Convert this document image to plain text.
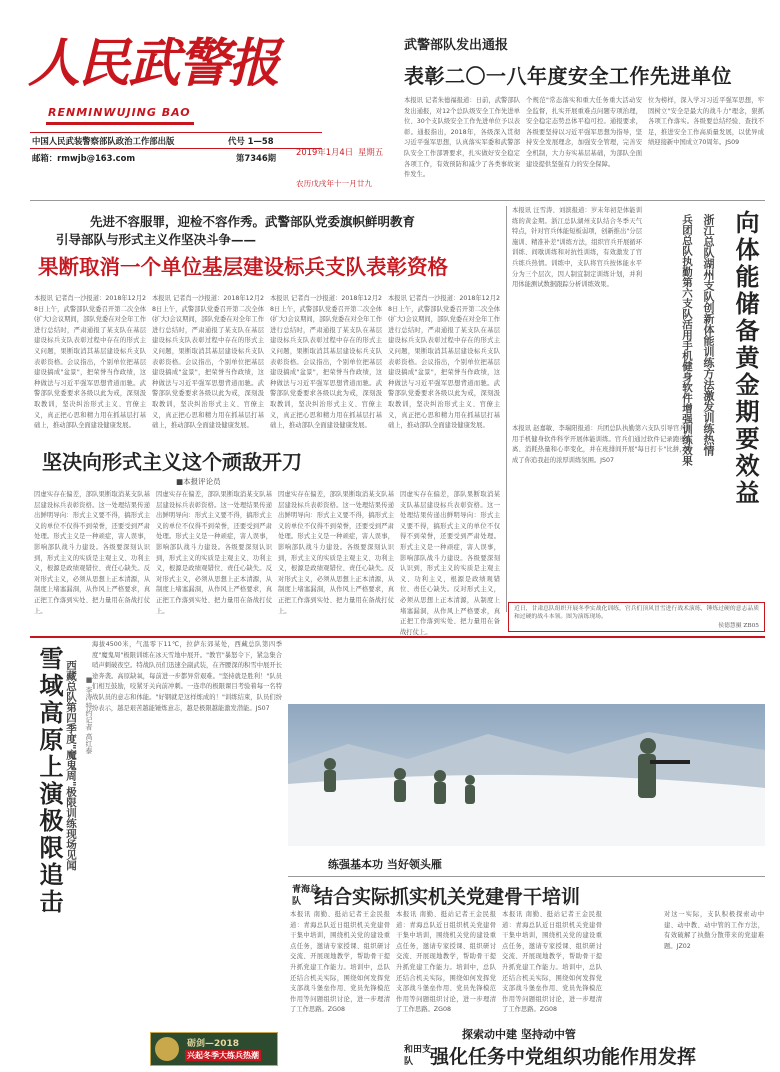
人民武警报
RENMINWUJING BAO
中国人民武装警察部队政治工作部出版	代号 1—58
邮箱：rmwjb@163.com	第7346期
2019年1月4日 星期五
农历戊戌年十一月廿九
武警部队发出通报
表彰二〇一八年度安全工作先进单位
本报讯 记者朱德福报道：日前，武警部队发出通报，对12个总队级安全工作先进单位、30个支队级安全工作先进单位予以表彰。通报指出，2018年，各级深入贯彻习近平强军思想，认真落实军委和武警部队安全工作部署要求，扎实做好安全稳定各项工作，有效预防和减少了各类事故案件发生。
个规范"常态落实和重大任务重大活动安全监督，扎实开展重难点问题专项治理，安全稳定态势总体平稳可控。通报要求，各级要坚持以习近平强军思想为指导，坚持安全发展理念，加强安全管理，完善安全机制，大力夯实基层基础，为部队全面建设提供坚强有力的安全保障。
位为榜样，深入学习习近平强军思想，牢固树立"安全是最大的战斗力"理念，狠抓各项工作落实。各级要总结经验、查找不足，推进安全工作高质量发展，以优异成绩迎接新中国成立70周年。JS09
先进不容服罪，迎检不容作秀。武警部队党委旗帜鲜明教育
引导部队与形式主义作坚决斗争——
果断取消一个单位基层建设标兵支队表彰资格
本报讯 记者肖一沙报道：2018年12月28日上午，武警部队党委召开第二次全体(扩大)会议期间，部队党委在对全年工作进行总结时，严肃通报了某支队在基层建设标兵支队表彰过程中存在的形式主义问题，果断取消其基层建设标兵支队表彰资格。会议指出，个别单位把基层建设搞成"盆景"，把荣誉当作政绩，这种做法与习近平强军思想背道而驰。武警部队党委要求各级以此为戒，深刻汲取教训，坚决纠治形式主义、官僚主义，真正把心思和精力用在抓基层打基础上，推动部队全面建设健康发展。
本报讯 记者肖一沙报道：2018年12月28日上午，武警部队党委召开第二次全体(扩大)会议期间，部队党委在对全年工作进行总结时，严肃通报了某支队在基层建设标兵支队表彰过程中存在的形式主义问题，果断取消其基层建设标兵支队表彰资格。会议指出，个别单位把基层建设搞成"盆景"，把荣誉当作政绩，这种做法与习近平强军思想背道而驰。武警部队党委要求各级以此为戒，深刻汲取教训，坚决纠治形式主义、官僚主义，真正把心思和精力用在抓基层打基础上，推动部队全面建设健康发展。
本报讯 记者肖一沙报道：2018年12月28日上午，武警部队党委召开第二次全体(扩大)会议期间，部队党委在对全年工作进行总结时，严肃通报了某支队在基层建设标兵支队表彰过程中存在的形式主义问题，果断取消其基层建设标兵支队表彰资格。会议指出，个别单位把基层建设搞成"盆景"，把荣誉当作政绩，这种做法与习近平强军思想背道而驰。武警部队党委要求各级以此为戒，深刻汲取教训，坚决纠治形式主义、官僚主义，真正把心思和精力用在抓基层打基础上，推动部队全面建设健康发展。
本报讯 记者肖一沙报道：2018年12月28日上午，武警部队党委召开第二次全体(扩大)会议期间，部队党委在对全年工作进行总结时，严肃通报了某支队在基层建设标兵支队表彰过程中存在的形式主义问题，果断取消其基层建设标兵支队表彰资格。会议指出，个别单位把基层建设搞成"盆景"，把荣誉当作政绩，这种做法与习近平强军思想背道而驰。武警部队党委要求各级以此为戒，深刻汲取教训，坚决纠治形式主义、官僚主义，真正把心思和精力用在抓基层打基础上，推动部队全面建设健康发展。
坚决向形式主义这个顽敌开刀
■本报评论员
因虚实存在偏差，部队果断取消某支队基层建设标兵表彰资格。这一处理结果传递出鲜明导向：形式主义要不得，搞形式主义的单位不仅得不到荣誉，还要受到严肃处理。形式主义是一种顽症，害人误事，影响部队战斗力建设。各级要深刻认识到，形式主义的实质是主观主义、功利主义，根源是政绩观错位、责任心缺失。反对形式主义，必须从思想上正本清源，从制度上堵塞漏洞，从作风上严格要求，真正把工作落到实处、把力量用在备战打仗上。
因虚实存在偏差，部队果断取消某支队基层建设标兵表彰资格。这一处理结果传递出鲜明导向：形式主义要不得，搞形式主义的单位不仅得不到荣誉，还要受到严肃处理。形式主义是一种顽症，害人误事，影响部队战斗力建设。各级要深刻认识到，形式主义的实质是主观主义、功利主义，根源是政绩观错位、责任心缺失。反对形式主义，必须从思想上正本清源，从制度上堵塞漏洞，从作风上严格要求，真正把工作落到实处、把力量用在备战打仗上。
因虚实存在偏差，部队果断取消某支队基层建设标兵表彰资格。这一处理结果传递出鲜明导向：形式主义要不得，搞形式主义的单位不仅得不到荣誉，还要受到严肃处理。形式主义是一种顽症，害人误事，影响部队战斗力建设。各级要深刻认识到，形式主义的实质是主观主义、功利主义，根源是政绩观错位、责任心缺失。反对形式主义，必须从思想上正本清源，从制度上堵塞漏洞，从作风上严格要求，真正把工作落到实处、把力量用在备战打仗上。
因虚实存在偏差，部队果断取消某支队基层建设标兵表彰资格。这一处理结果传递出鲜明导向：形式主义要不得，搞形式主义的单位不仅得不到荣誉，还要受到严肃处理。形式主义是一种顽症，害人误事，影响部队战斗力建设。各级要深刻认识到，形式主义的实质是主观主义、功利主义，根源是政绩观错位、责任心缺失。反对形式主义，必须从思想上正本清源，从制度上堵塞漏洞，从作风上严格要求，真正把工作落到实处、把力量用在备战打仗上。
本报讯 汪雪涛、刘滨报道：岁末年初是体能训练的黄金期。浙江总队湖州支队结合冬季天气特点，针对官兵体能短板弱项，创新推出"分层施训、精准补差"训练方法，组织官兵开展循环训练、间歇训练和对抗性训练，有效激发了官兵练兵热情。训练中，支队将官兵按体能水平分为三个层次，因人制宜制定训练计划，并利用体能测试数据跟踪分析训练效果。
本报讯 赵嘉敏、李瑞阳报道：兵团总队执勤第六支队引导官兵利用手机健身软件科学开展体能训练。官兵们通过软件记录跑步距离、消耗热量和心率变化，并在班排间开展"每日打卡"比拼，形成了你追我赶的浓厚训练氛围。JS07	向体能储备黄金期要效益
浙江总队湖州支队创新体能训练方法激发训练热情
兵团总队执勤第六支队活用手机健身软件增强训练效果
近日，甘肃总队组织开展冬季实战化训练，官兵们顶风冒雪进行战术演练，锤炼过硬的意志品质和过硬的战斗本领。图为演练现场。
侯德慧摄 ZB05
雪域高原上演极限追击 西藏总队第四季度"魔鬼周"极限训练现场见闻 ■ 李涛 特约记者 高红泰
海拔4500米，气温零下11℃，拉萨东郊某处，西藏总队第四季度"魔鬼周"极限训练在冰天雪地中展开。"教官"暴怒令下，紧急集合哨声刺破夜空。特战队员们迅速全副武装，在齐腰深的积雪中展开长途奔袭。高原缺氧，每前进一步都异常艰难。"坚持就是胜利！"队员们相互鼓励，咬紧牙关向前冲刺。一连串的极限课目考验着每一名特战队员的意志和体能。"好钢就是这样炼成的！"训练结束，队员们纷纷表示，越是艰苦越能锤炼意志，越是极限越能激发潜能。JS07
砺剑—2018
兴起冬季大练兵热潮
练强基本功 当好领头雁
青海总队 结合实际抓实机关党建骨干培训
本报讯 南勤、挺站记者王金民报道：青海总队近日组织机关党建骨干集中培训，围绕机关党的建设重点任务，邀请专家授课、组织研讨交流、开展现地教学，帮助骨干提升抓党建工作能力。培训中，总队还结合机关实际，围绕如何发挥党支部战斗堡垒作用、党员先锋模范作用等问题组织讨论，进一步理清了工作思路。ZG08
本报讯 南勤、挺站记者王金民报道：青海总队近日组织机关党建骨干集中培训，围绕机关党的建设重点任务，邀请专家授课、组织研讨交流、开展现地教学，帮助骨干提升抓党建工作能力。培训中，总队还结合机关实际，围绕如何发挥党支部战斗堡垒作用、党员先锋模范作用等问题组织讨论，进一步理清了工作思路。ZG08
本报讯 南勤、挺站记者王金民报道：青海总队近日组织机关党建骨干集中培训，围绕机关党的建设重点任务，邀请专家授课、组织研讨交流、开展现地教学，帮助骨干提升抓党建工作能力。培训中，总队还结合机关实际，围绕如何发挥党支部战斗堡垒作用、党员先锋模范作用等问题组织讨论，进一步理清了工作思路。ZG08
对这一实际，支队积极探索动中建、动中教、动中管的工作方法，有效破解了执勤分散带来的党建难题。JZ02
探索动中建 坚持动中管
和田支队 强化任务中党组织功能作用发挥
